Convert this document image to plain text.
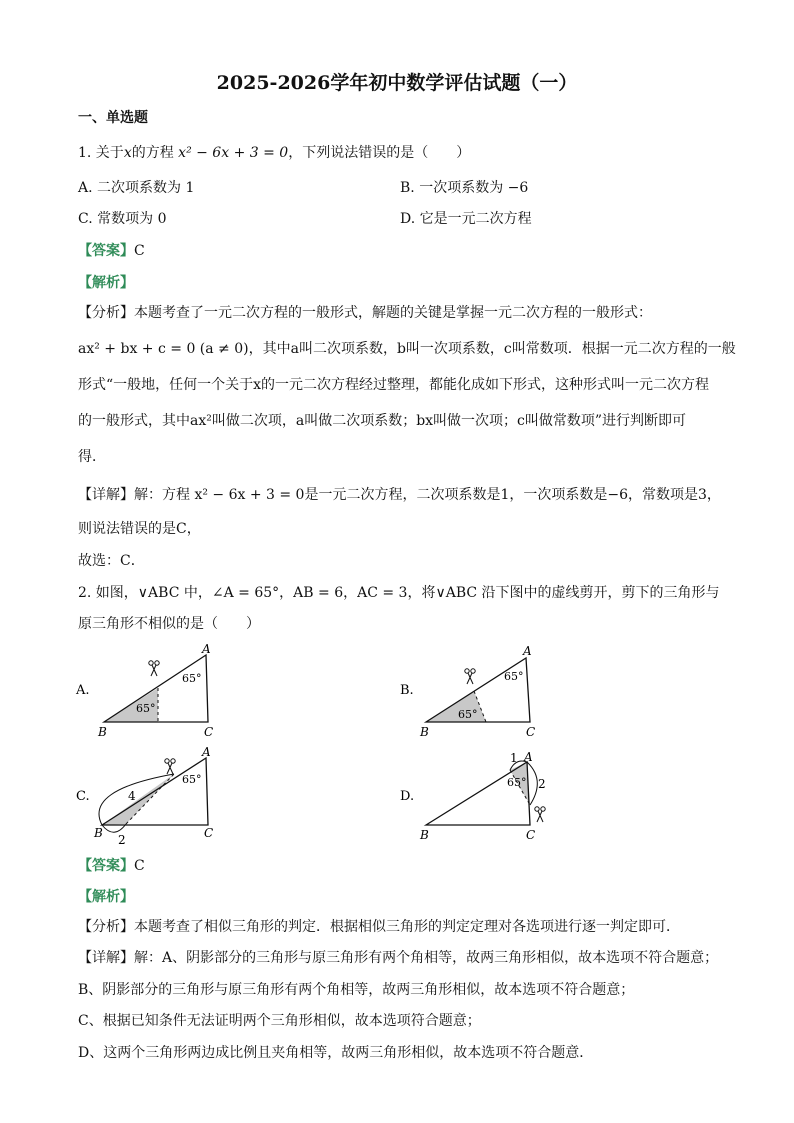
2025-2026学年初中数学评估试题（一）
一、单选题
1. 关于x的方程 x² − 6x + 3 = 0，下列说法错误的是（　　）
A. 二次项系数为 1	B. 一次项系数为 −6
C. 常数项为 0	D. 它是一元二次方程
【答案】C
【解析】
【分析】本题考查了一元二次方程的一般形式，解题的关键是掌握一元二次方程的一般形式：
ax² + bx + c = 0 (a ≠ 0)，其中a叫二次项系数，b叫一次项系数，c叫常数项．根据一元二次方程的一般
形式“一般地，任何一个关于x的一元二次方程经过整理，都能化成如下形式，这种形式叫一元二次方程
的一般形式，其中ax²叫做二次项，a叫做二次项系数；bx叫做一次项；c叫做常数项”进行判断即可
得．
【详解】解：方程 x² − 6x + 3 = 0是一元二次方程，二次项系数是1，一次项系数是−6，常数项是3，
则说法错误的是C，
故选：C．
2. 如图，∨ABC 中，∠A = 65°，AB = 6，AC = 3，将∨ABC 沿下图中的虚线剪开，剪下的三角形与
原三角形不相似的是（　　）
A.
A
B	C
65°
65°
B.
A
B	C
65°
65°
C.
A
B	C
65°
4
2
D.
A
B	C
65°
1
2
【答案】C
【解析】
【分析】本题考查了相似三角形的判定．根据相似三角形的判定定理对各选项进行逐一判定即可．
【详解】解：A、阴影部分的三角形与原三角形有两个角相等，故两三角形相似，故本选项不符合题意；
B、阴影部分的三角形与原三角形有两个角相等，故两三角形相似，故本选项不符合题意；
C、根据已知条件无法证明两个三角形相似，故本选项符合题意；
D、这两个三角形两边成比例且夹角相等，故两三角形相似，故本选项不符合题意．
